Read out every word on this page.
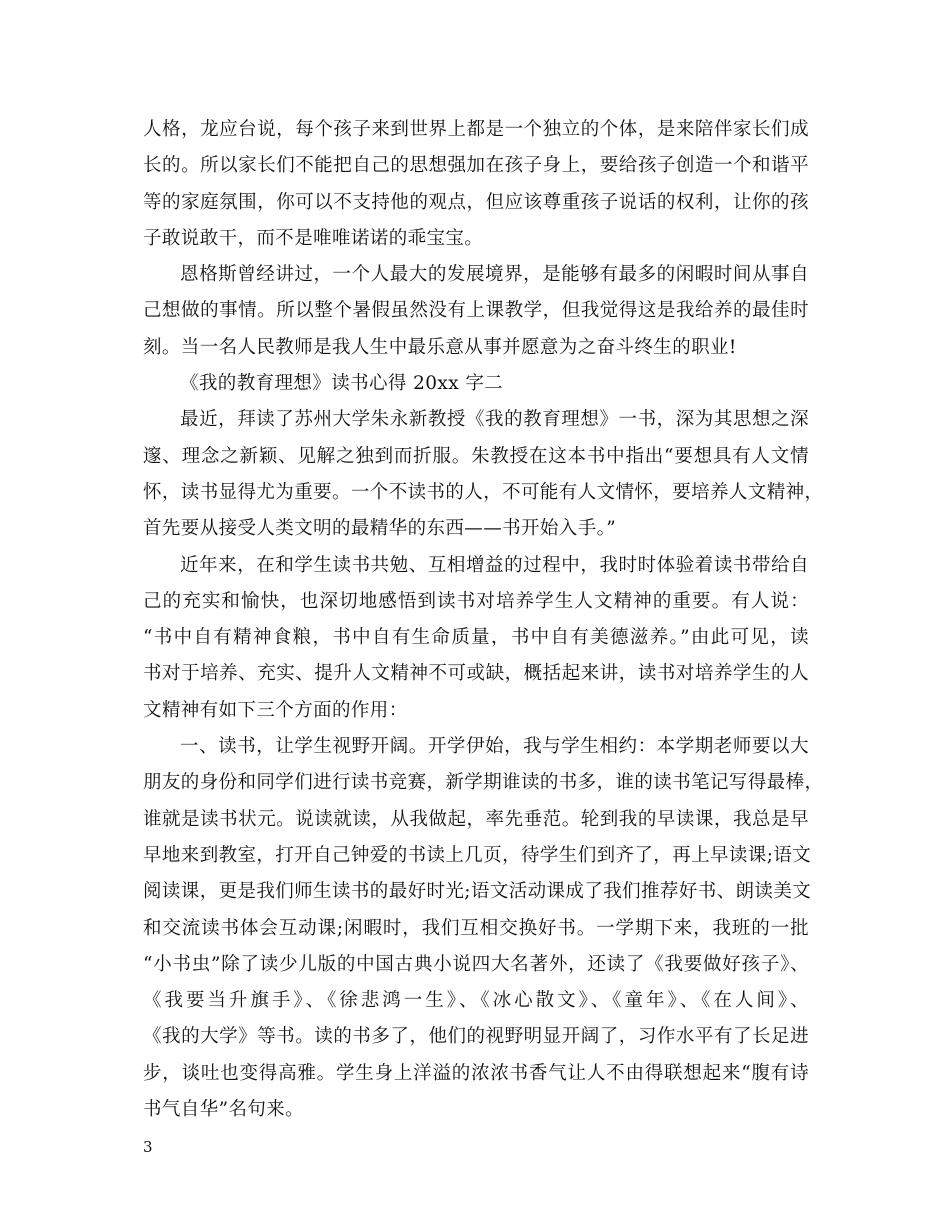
人格，龙应台说，每个孩子来到世界上都是一个独立的个体，是来陪伴家长们成
长的。所以家长们不能把自己的思想强加在孩子身上，要给孩子创造一个和谐平
等的家庭氛围，你可以不支持他的观点，但应该尊重孩子说话的权利，让你的孩
子敢说敢干，而不是唯唯诺诺的乖宝宝。
恩格斯曾经讲过，一个人最大的发展境界，是能够有最多的闲暇时间从事自
己想做的事情。所以整个暑假虽然没有上课教学，但我觉得这是我给养的最佳时
刻。当一名人民教师是我人生中最乐意从事并愿意为之奋斗终生的职业!
《我的教育理想》读书心得 20xx 字二
最近，拜读了苏州大学朱永新教授《我的教育理想》一书，深为其思想之深
邃、理念之新颖、见解之独到而折服。朱教授在这本书中指出“要想具有人文情
怀，读书显得尤为重要。一个不读书的人，不可能有人文情怀，要培养人文精神，
首先要从接受人类文明的最精华的东西——书开始入手。”
近年来，在和学生读书共勉、互相增益的过程中，我时时体验着读书带给自
己的充实和愉快，也深切地感悟到读书对培养学生人文精神的重要。有人说：
“书中自有精神食粮，书中自有生命质量，书中自有美德滋养。”由此可见，读
书对于培养、充实、提升人文精神不可或缺，概括起来讲，读书对培养学生的人
文精神有如下三个方面的作用：
一、读书，让学生视野开阔。开学伊始，我与学生相约：本学期老师要以大
朋友的身份和同学们进行读书竞赛，新学期谁读的书多，谁的读书笔记写得最棒，
谁就是读书状元。说读就读，从我做起，率先垂范。轮到我的早读课，我总是早
早地来到教室，打开自己钟爱的书读上几页，待学生们到齐了，再上早读课;语文
阅读课，更是我们师生读书的最好时光;语文活动课成了我们推荐好书、朗读美文
和交流读书体会互动课;闲暇时，我们互相交换好书。一学期下来，我班的一批
“小书虫”除了读少儿版的中国古典小说四大名著外，还读了《我要做好孩子》、
《我要当升旗手》、《徐悲鸿一生》、《冰心散文》、《童年》、《在人间》、
《我的大学》等书。读的书多了，他们的视野明显开阔了，习作水平有了长足进
步，谈吐也变得高雅。学生身上洋溢的浓浓书香气让人不由得联想起来“腹有诗
书气自华”名句来。
3
